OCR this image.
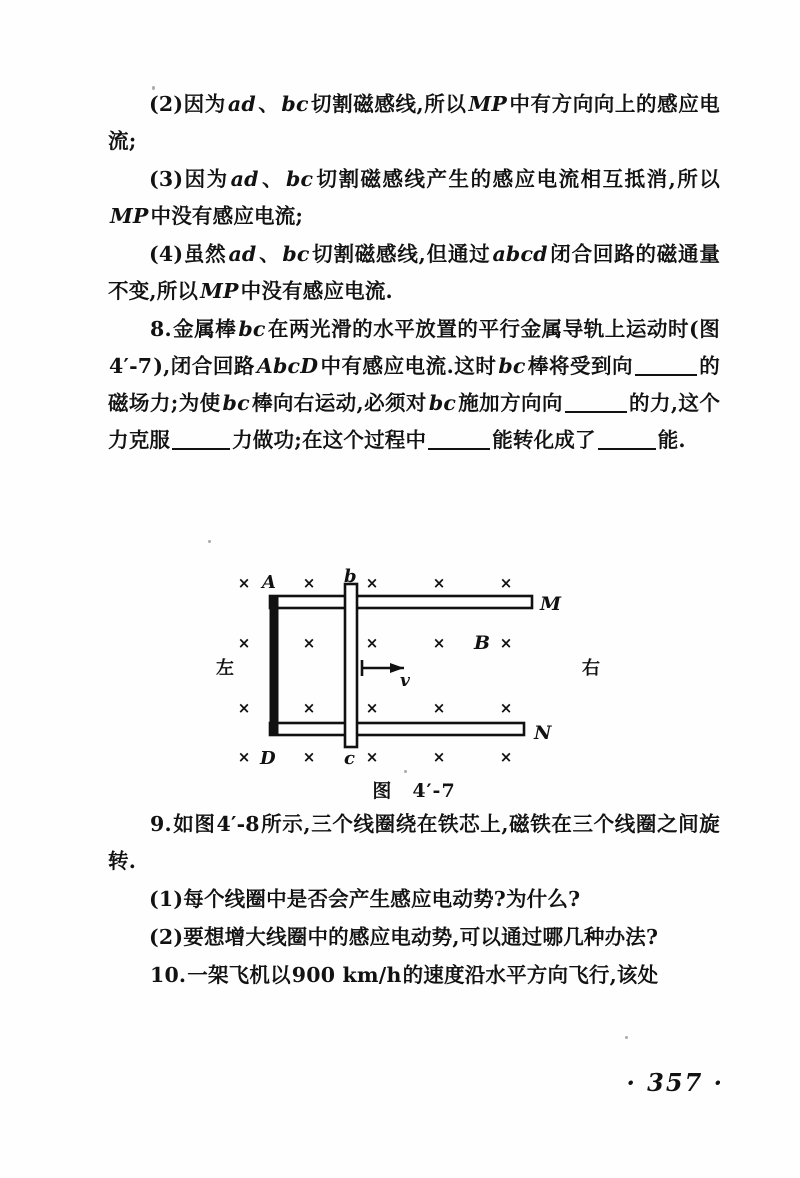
(2)因为ad、bc切割磁感线,所以MP中有方向向上的感应电流;

(3)因为ad、bc切割磁感线产生的感应电流相互抵消,所以MP中没有感应电流;

(4)虽然ad、bc切割磁感线,但通过abcd闭合回路的磁通量不变,所以MP中没有感应电流.

8.金属棒bc在两光滑的水平放置的平行金属导轨上运动时(图4′-7),闭合回路AbcD中有感应电流.这时bc棒将受到向	的磁场力;为使bc棒向右运动,必须对bc施加方向向	的力,这个力克服	力做功;在这个过程中	能转化成了	能.

×	×	×	×	×
×	×	×	×	×
×	×	×	×	×
×	×	×	×	×
A	b
c
D
M
N
B
v
左	右
图 4′-7

9.如图4′-8所示,三个线圈绕在铁芯上,磁铁在三个线圈之间旋转.

(1)每个线圈中是否会产生感应电动势?为什么?

(2)要想增大线圈中的感应电动势,可以通过哪几种办法?

10.一架飞机以900 km/h的速度沿水平方向飞行,该处

· 357 ·
